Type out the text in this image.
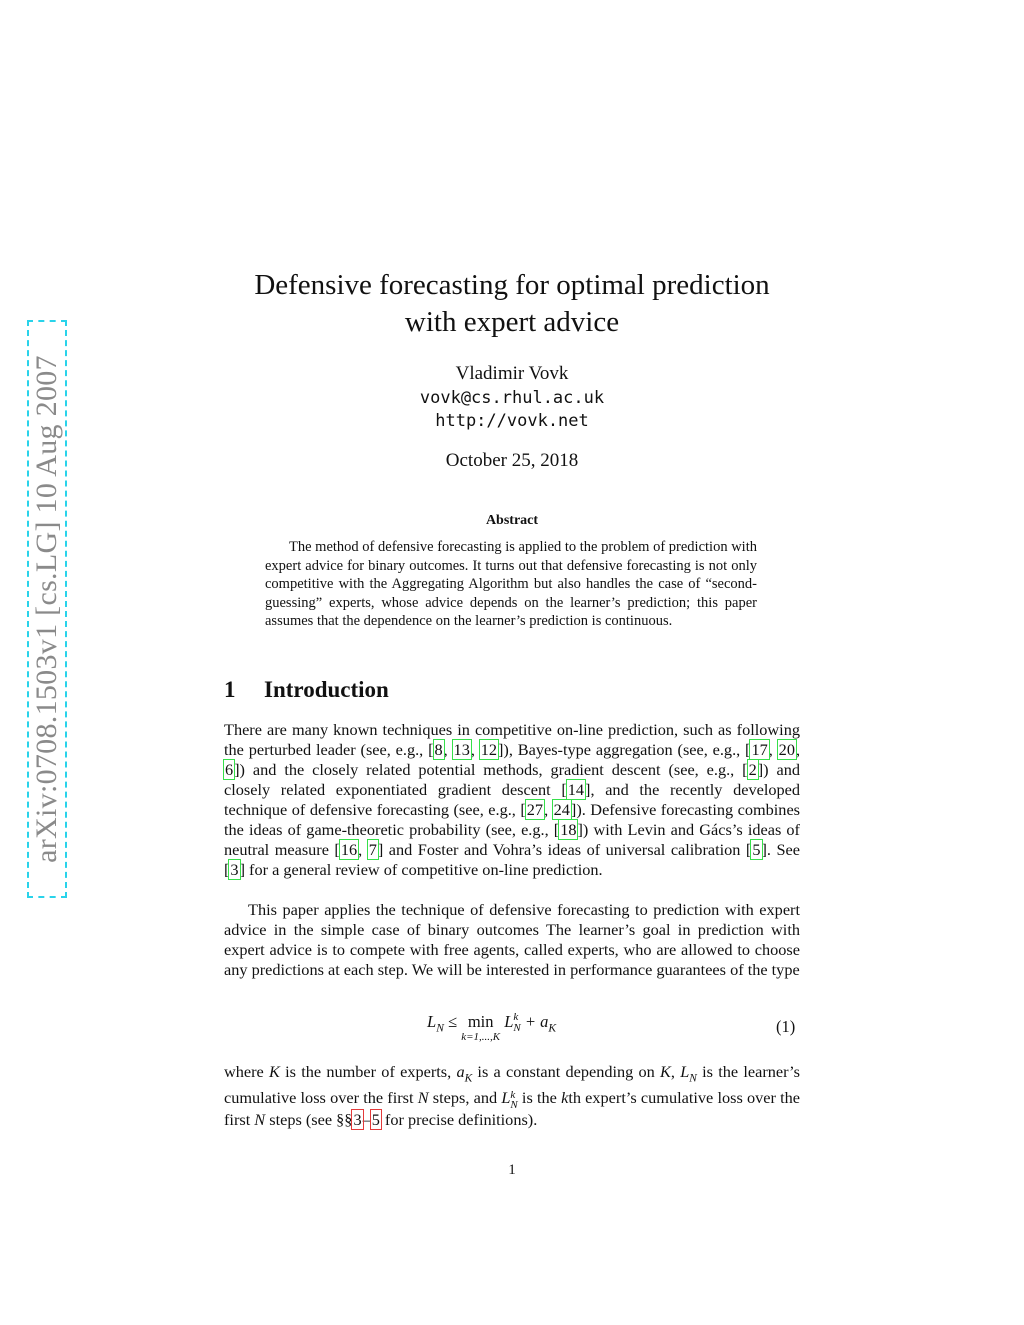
arXiv:0708.1503v1 [cs.LG] 10 Aug 2007
Defensive forecasting for optimal prediction
with expert advice
Vladimir Vovk
vovk@cs.rhul.ac.uk
http://vovk.net
October 25, 2018
Abstract
The method of defensive forecasting is applied to the problem of prediction with expert advice for binary outcomes. It turns out that defensive forecasting is not only competitive with the Aggregating Algorithm but also handles the case of “second-guessing” experts, whose advice depends on the learner’s prediction; this paper assumes that the dependence on the learner’s prediction is continuous.
1 Introduction
There are many known techniques in competitive on-line prediction, such as following the perturbed leader (see, e.g., [8, 13, 12]), Bayes-type aggregation (see, e.g., [17, 20, 6]) and the closely related potential methods, gradient descent (see, e.g., [2]) and closely related exponentiated gradient descent [14], and the recently developed technique of defensive forecasting (see, e.g., [27, 24]). Defensive forecasting combines the ideas of game-theoretic probability (see, e.g., [18]) with Levin and Gács’s ideas of neutral measure [16, 7] and Foster and Vohra’s ideas of universal calibration [5]. See [3] for a general review of competitive on-line prediction.
This paper applies the technique of defensive forecasting to prediction with expert advice in the simple case of binary outcomes The learner’s goal in prediction with expert advice is to compete with free agents, called experts, who are allowed to choose any predictions at each step. We will be interested in performance guarantees of the type
$L_N \le \min$
k=1,...,K
L k
$N + a_K$	(1)
where K is the number of experts, $a_K$ is a constant depending on K, $L_N$ is the learner’s cumulative loss over the first N steps, and L k
N is the kth expert’s cumulative loss over the first N steps (see §§3–5 for precise definitions).
1
